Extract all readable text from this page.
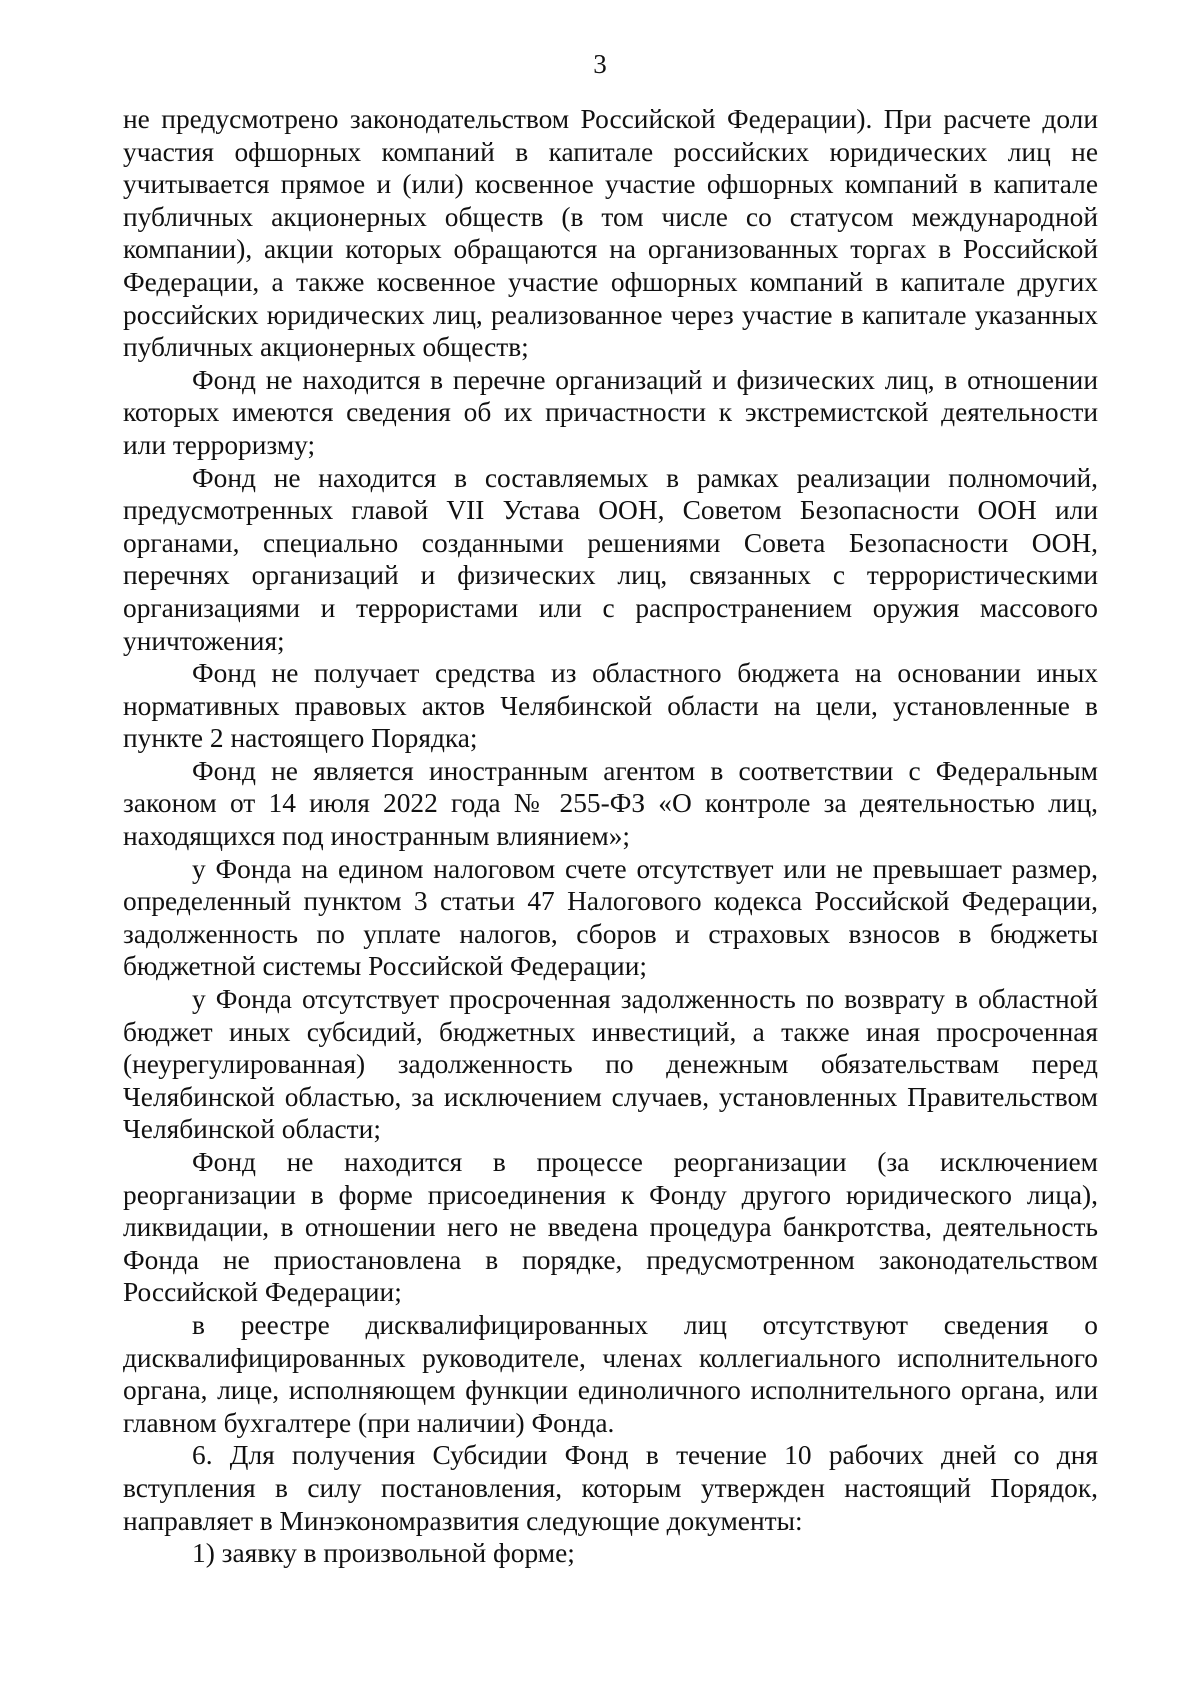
3

не предусмотрено законодательством Российской Федерации). При расчете доли участия офшорных компаний в капитале российских юридических лиц не учитывается прямое и (или) косвенное участие офшорных компаний в капитале публичных акционерных обществ (в том числе со статусом международной компании), акции которых обращаются на организованных торгах в Российской Федерации, а также косвенное участие офшорных компаний в капитале других российских юридических лиц, реализованное через участие в капитале указанных публичных акционерных обществ;

Фонд не находится в перечне организаций и физических лиц, в отношении которых имеются сведения об их причастности к экстремистской деятельности или терроризму;

Фонд не находится в составляемых в рамках реализации полномочий, предусмотренных главой VII Устава ООН, Советом Безопасности ООН или органами, специально созданными решениями Совета Безопасности ООН, перечнях организаций и физических лиц, связанных с террористическими организациями и террористами или с распространением оружия массового уничтожения;

Фонд не получает средства из областного бюджета на основании иных нормативных правовых актов Челябинской области на цели, установленные в пункте 2 настоящего Порядка;

Фонд не является иностранным агентом в соответствии с Федеральным законом от 14 июля 2022 года № 255-ФЗ «О контроле за деятельностью лиц, находящихся под иностранным влиянием»;

у Фонда на едином налоговом счете отсутствует или не превышает размер, определенный пунктом 3 статьи 47 Налогового кодекса Российской Федерации, задолженность по уплате налогов, сборов и страховых взносов в бюджеты бюджетной системы Российской Федерации;

у Фонда отсутствует просроченная задолженность по возврату в областной бюджет иных субсидий, бюджетных инвестиций, а также иная просроченная (неурегулированная) задолженность по денежным обязательствам перед Челябинской областью, за исключением случаев, установленных Правительством Челябинской области;

Фонд не находится в процессе реорганизации (за исключением реорганизации в форме присоединения к Фонду другого юридического лица), ликвидации, в отношении него не введена процедура банкротства, деятельность Фонда не приостановлена в порядке, предусмотренном законодательством Российской Федерации;

в реестре дисквалифицированных лиц отсутствуют сведения о дисквалифицированных руководителе, членах коллегиального исполнительного органа, лице, исполняющем функции единоличного исполнительного органа, или главном бухгалтере (при наличии) Фонда.

6. Для получения Субсидии Фонд в течение 10 рабочих дней со дня вступления в силу постановления, которым утвержден настоящий Порядок, направляет в Минэкономразвития следующие документы:

1) заявку в произвольной форме;
